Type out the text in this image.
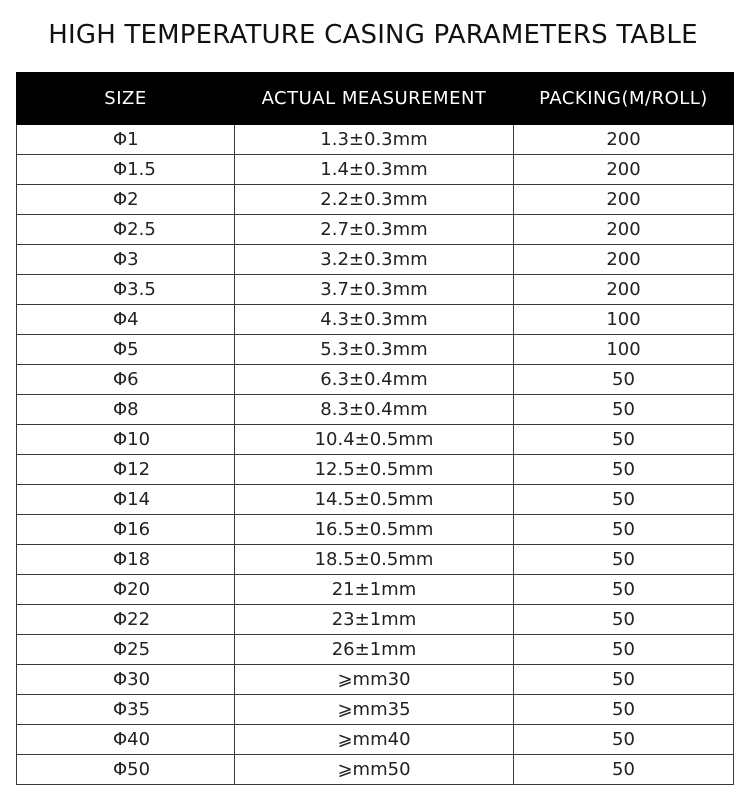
HIGH TEMPERATURE CASING PARAMETERS TABLE
SIZE	ACTUAL MEASUREMENT	PACKING(M/ROLL)
Φ1	1.3±0.3mm	200
Φ1.5	1.4±0.3mm	200
Φ2	2.2±0.3mm	200
Φ2.5	2.7±0.3mm	200
Φ3	3.2±0.3mm	200
Φ3.5	3.7±0.3mm	200
Φ4	4.3±0.3mm	100
Φ5	5.3±0.3mm	100
Φ6	6.3±0.4mm	50
Φ8	8.3±0.4mm	50
Φ10	10.4±0.5mm	50
Φ12	12.5±0.5mm	50
Φ14	14.5±0.5mm	50
Φ16	16.5±0.5mm	50
Φ18	18.5±0.5mm	50
Φ20	21±1mm	50
Φ22	23±1mm	50
Φ25	26±1mm	50
Φ30	⩾mm30	50
Φ35	⩾mm35	50
Φ40	⩾mm40	50
Φ50	⩾mm50	50
